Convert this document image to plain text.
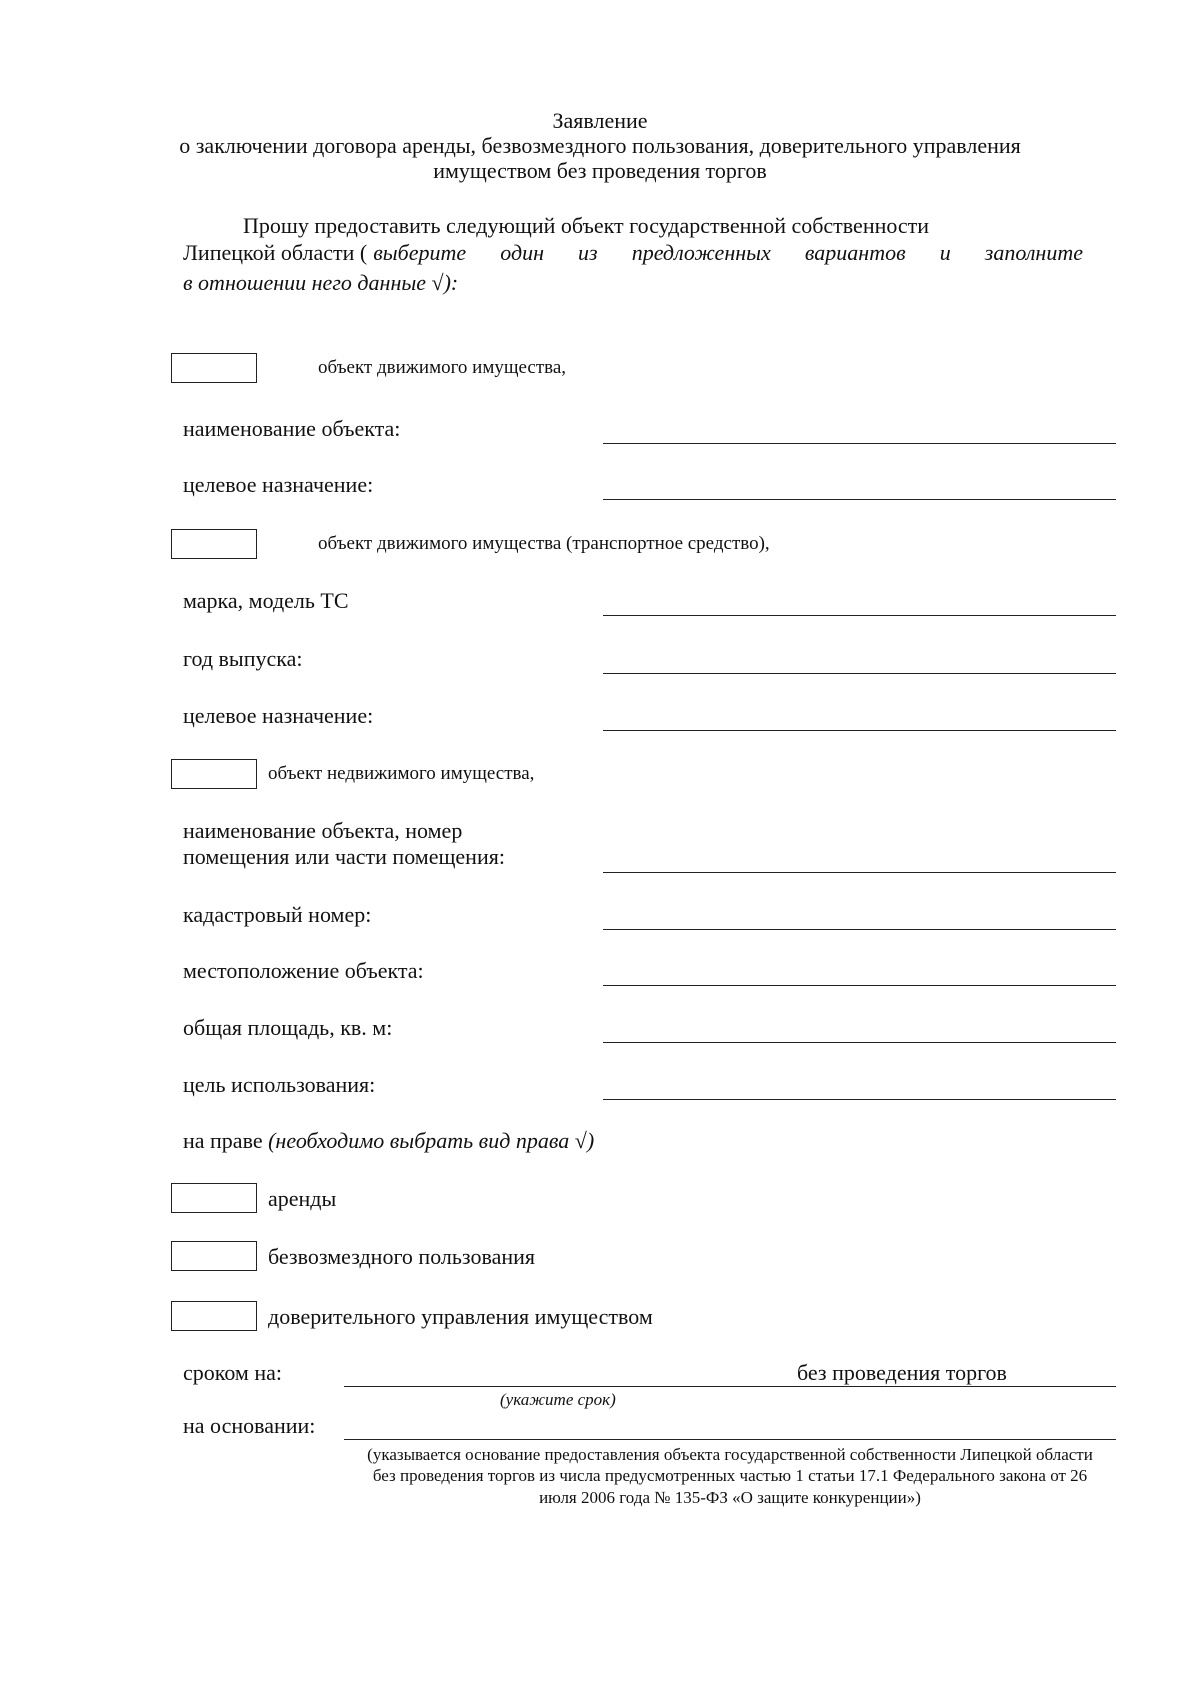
Заявление
о заключении договора аренды, безвозмездного пользования, доверительного управления
имуществом без проведения торгов
Прошу предоставить следующий объект государственной собственности
Липецкой области ( выберите один из предложенных вариантов и заполните
в отношении него данные √):
объект движимого имущества,
наименование объекта:
целевое назначение:
объект движимого имущества (транспортное средство),
марка, модель ТС
год выпуска:
целевое назначение:
объект недвижимого имущества,
наименование объекта, номер
помещения или части помещения:
кадастровый номер:
местоположение объекта:
общая площадь, кв. м:
цель использования:
на праве (необходимо выбрать вид права √)
аренды
безвозмездного пользования
доверительного управления имуществом
сроком на:	без проведения торгов
(укажите срок)
на основании:
(указывается основание предоставления объекта государственной собственности Липецкой области без проведения торгов из числа предусмотренных частью 1 статьи 17.1 Федерального закона от 26 июля 2006 года № 135-ФЗ «О защите конкуренции»)
